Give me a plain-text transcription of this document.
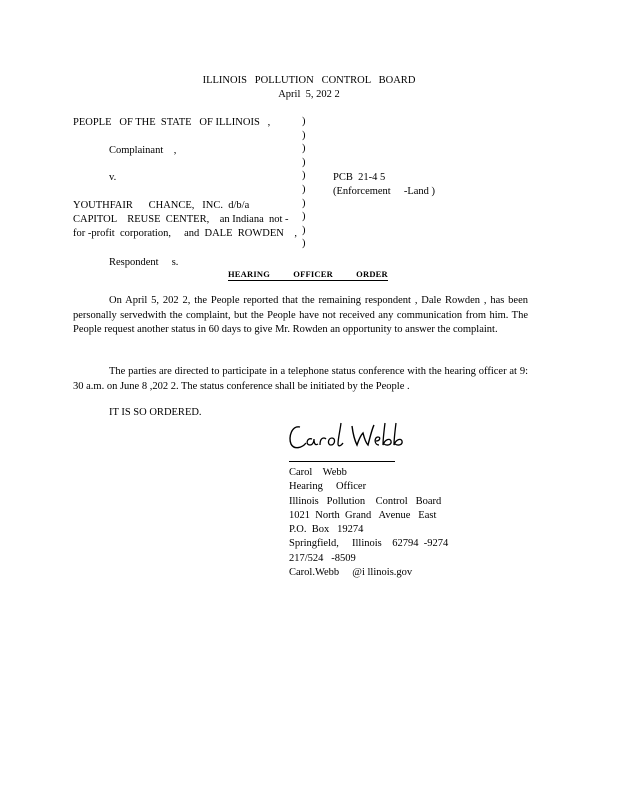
ILLINOIS   POLLUTION   CONTROL   BOARD
April  5, 202 2
PEOPLE   OF THE  STATE   OF ILLINOIS   ,
Complainant    ,
v.	PCB  21-4 5
(Enforcement     -Land )
YOUTHFAIR      CHANCE,   INC.  d/b/a
CAPITOL    REUSE  CENTER,    an Indiana  not -
for -profit  corporation,     and  DALE  ROWDEN    ,
Respondent     s.
)
)
)
)
)
)
)
)
)
)
HEARING          OFFICER          ORDER
On April 5, 202 2, the People reported that the remaining respondent , Dale Rowden , has been personally servedwith the complaint, but the People have not received any communication from him. The People request another status in 60 days to give Mr. Rowden an opportunity to answer the complaint.
The parties are directed to participate in a telephone status conference with the hearing officer at 9: 30 a.m. on June 8 ,202 2. The status conference shall be initiated by the People .
IT IS SO ORDERED.
Carol    Webb
Hearing     Officer
Illinois   Pollution    Control   Board
1021  North  Grand   Avenue   East
P.O.  Box   19274
Springfield,     Illinois    62794  -9274
217/524   -8509
Carol.Webb     @i llinois.gov
